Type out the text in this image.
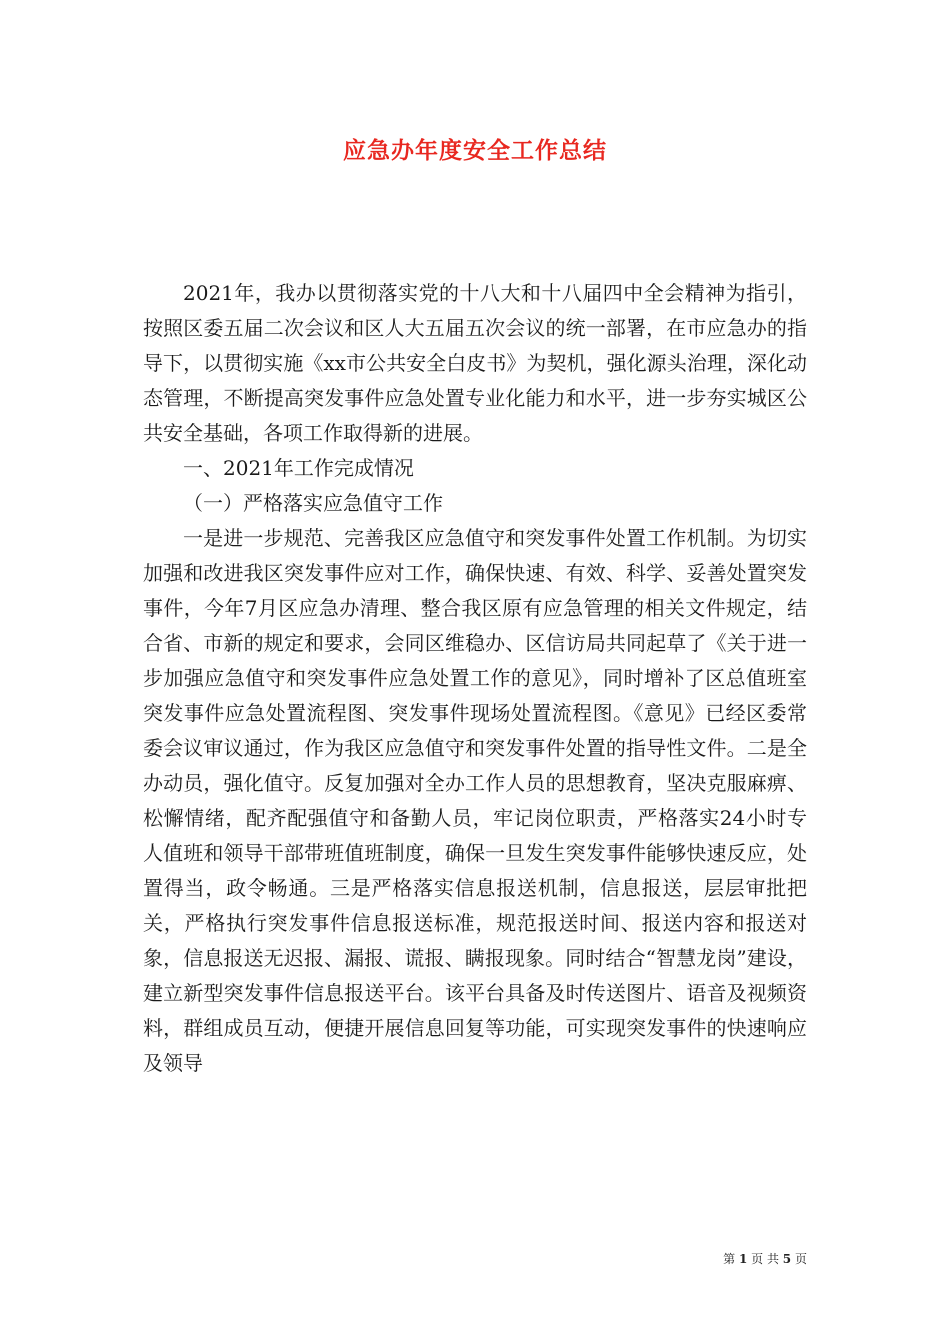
应急办年度安全工作总结

2021年，我办以贯彻落实党的十八大和十八届四中全会精神为指引，按照区委五届二次会议和区人大五届五次会议的统一部署，在市应急办的指导下，以贯彻实施《xx市公共安全白皮书》为契机，强化源头治理，深化动态管理，不断提高突发事件应急处置专业化能力和水平，进一步夯实城区公共安全基础，各项工作取得新的进展。

一、2021年工作完成情况

（一）严格落实应急值守工作

一是进一步规范、完善我区应急值守和突发事件处置工作机制。为切实加强和改进我区突发事件应对工作，确保快速、有效、科学、妥善处置突发事件，今年7月区应急办清理、整合我区原有应急管理的相关文件规定，结合省、市新的规定和要求，会同区维稳办、区信访局共同起草了《关于进一步加强应急值守和突发事件应急处置工作的意见》，同时增补了区总值班室突发事件应急处置流程图、突发事件现场处置流程图。《意见》已经区委常委会议审议通过，作为我区应急值守和突发事件处置的指导性文件。二是全办动员，强化值守。反复加强对全办工作人员的思想教育，坚决克服麻痹、松懈情绪，配齐配强值守和备勤人员，牢记岗位职责，严格落实24小时专人值班和领导干部带班值班制度，确保一旦发生突发事件能够快速反应，处置得当，政令畅通。三是严格落实信息报送机制，信息报送，层层审批把关，严格执行突发事件信息报送标准，规范报送时间、报送内容和报送对象，信息报送无迟报、漏报、谎报、瞒报现象。同时结合“智慧龙岗”建设，建立新型突发事件信息报送平台。该平台具备及时传送图片、语音及视频资料，群组成员互动，便捷开展信息回复等功能，可实现突发事件的快速响应及领导

第 1 页 共 5 页
